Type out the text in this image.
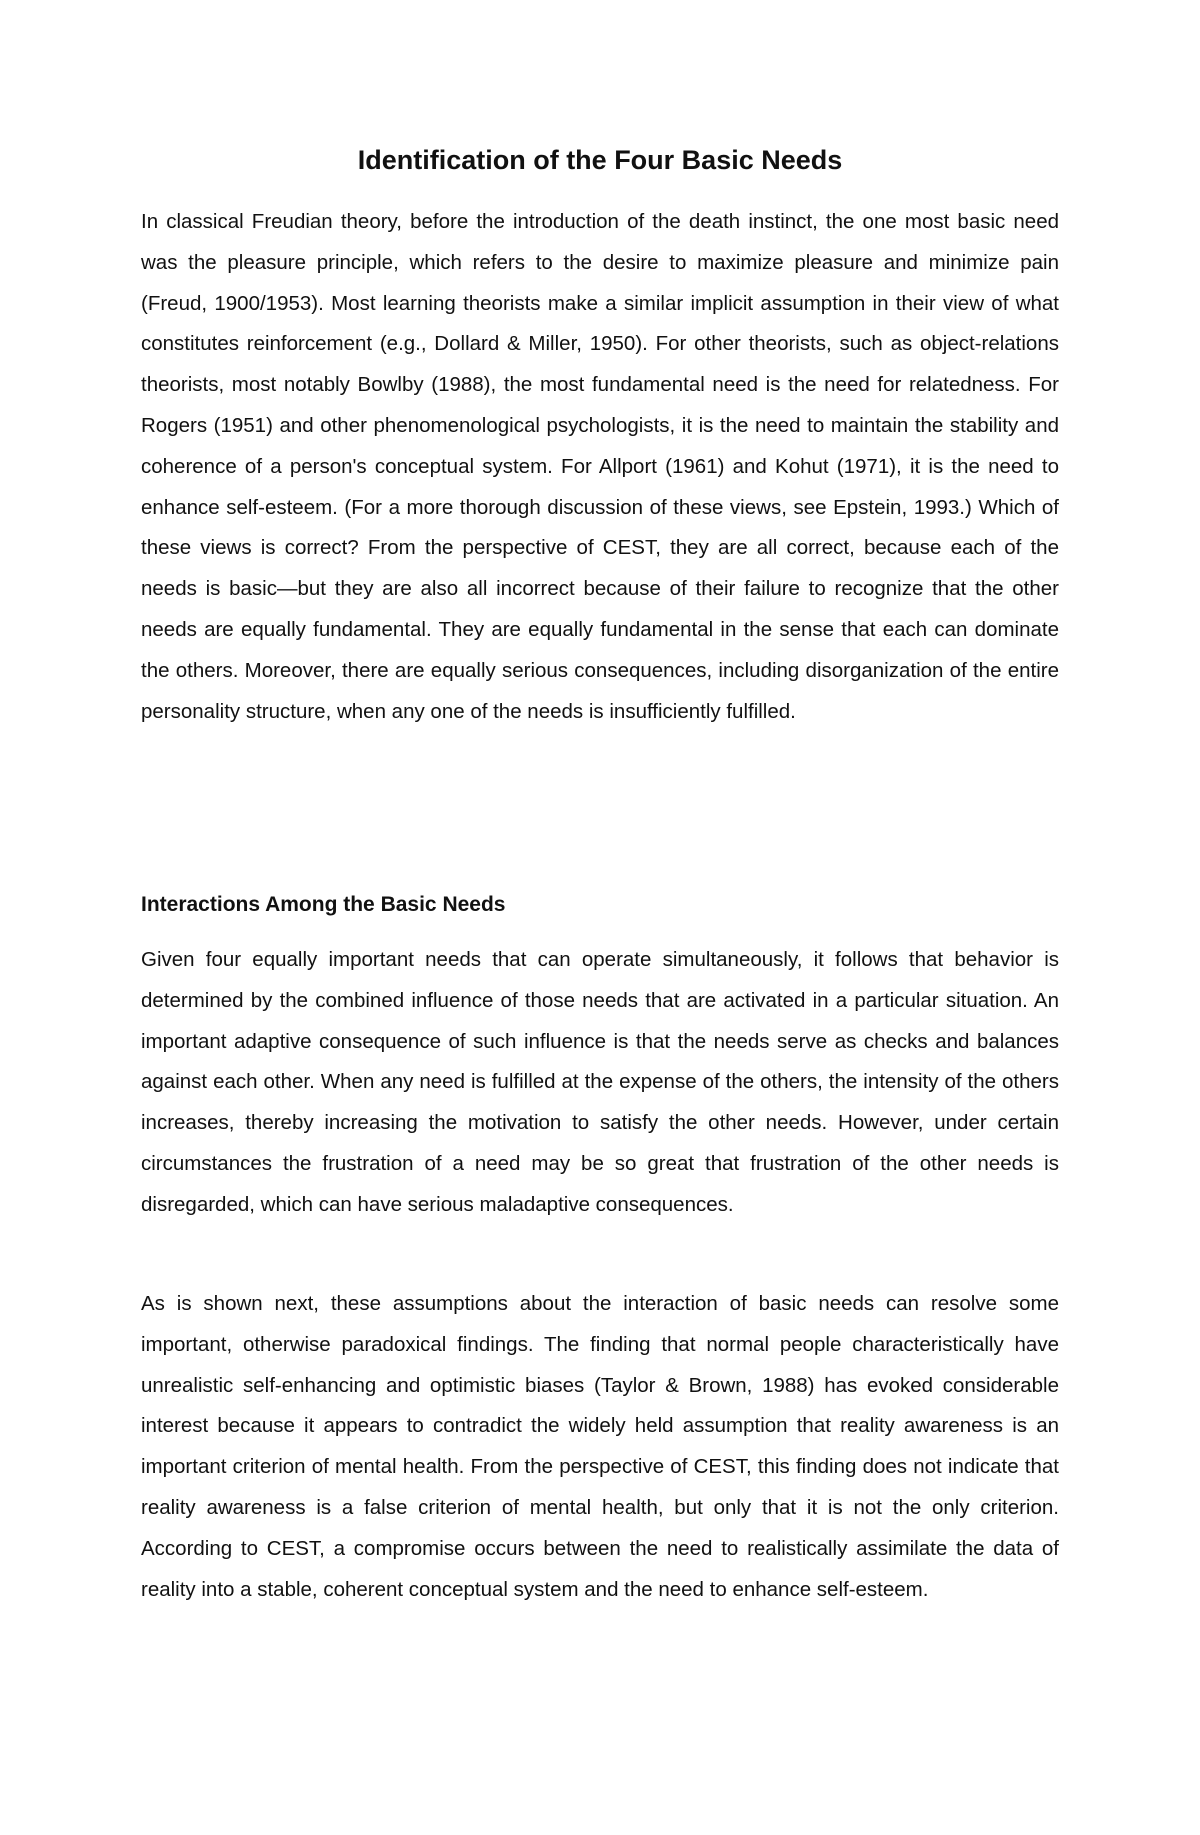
Identification of the Four Basic Needs

In classical Freudian theory, before the introduction of the death instinct, the one most basic need was the pleasure principle, which refers to the desire to maximize pleasure and minimize pain (Freud, 1900/1953). Most learning theorists make a similar implicit assumption in their view of what constitutes reinforcement (e.g., Dollard & Miller, 1950). For other theorists, such as object-relations theorists, most notably Bowlby (1988), the most fundamental need is the need for relatedness. For Rogers (1951) and other phenomenological psychologists, it is the need to maintain the stability and coherence of a person's conceptual system. For Allport (1961) and Kohut (1971), it is the need to enhance self-esteem. (For a more thorough discussion of these views, see Epstein, 1993.) Which of these views is correct? From the perspective of CEST, they are all correct, because each of the needs is basic—but they are also all incorrect because of their failure to recognize that the other needs are equally fundamental. They are equally fundamental in the sense that each can dominate the others. Moreover, there are equally serious consequences, including disorganization of the entire personality structure, when any one of the needs is insufficiently fulfilled.

Interactions Among the Basic Needs

Given four equally important needs that can operate simultaneously, it follows that behavior is determined by the combined influence of those needs that are activated in a particular situation. An important adaptive consequence of such influence is that the needs serve as checks and balances against each other. When any need is fulfilled at the expense of the others, the intensity of the others increases, thereby increasing the motivation to satisfy the other needs. However, under certain circumstances the frustration of a need may be so great that frustration of the other needs is disregarded, which can have serious maladaptive consequences.

As is shown next, these assumptions about the interaction of basic needs can resolve some important, otherwise paradoxical findings. The finding that normal people characteristically have unrealistic self-enhancing and optimistic biases (Taylor & Brown, 1988) has evoked considerable interest because it appears to contradict the widely held assumption that reality awareness is an important criterion of mental health. From the perspective of CEST, this finding does not indicate that reality awareness is a false criterion of mental health, but only that it is not the only criterion. According to CEST, a compromise occurs between the need to realistically assimilate the data of reality into a stable, coherent conceptual system and the need to enhance self-esteem.
